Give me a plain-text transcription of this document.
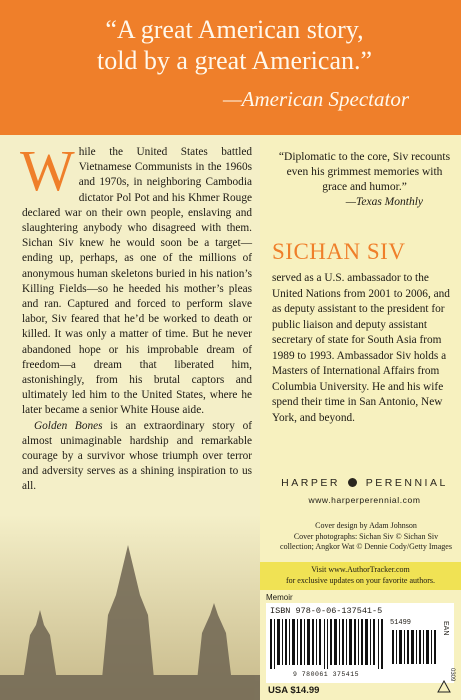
“A great American story,
told by a great American.”
—American Spectator

While the United States battled Vietnamese Communists in the 1960s and 1970s, in neighboring Cambodia dictator Pol Pot and his Khmer Rouge declared war on their own people, enslaving and slaughtering anybody who disagreed with them. Sichan Siv knew he would soon be a target—ending up, perhaps, as one of the millions of anonymous human skeletons buried in his nation’s Killing Fields—so he heeded his mother’s pleas and ran. Captured and forced to perform slave labor, Siv feared that he’d be worked to death or killed. It was only a matter of time. But he never abandoned hope or his improbable dream of freedom—a dream that liberated him, astonishingly, from his brutal captors and ultimately led him to the United States, where he later became a senior White House aide.

Golden Bones is an extraordinary story of almost unimaginable hardship and remarkable courage by a survivor whose triumph over terror and adversity serves as a shining inspiration to us all.

“Diplomatic to the core, Siv recounts even his grimmest memories with grace and humor.”
—Texas Monthly
SICHAN SIV
served as a U.S. ambassador to the United Nations from 2001 to 2006, and as deputy assistant to the president for public liaison and deputy assistant secretary of state for South Asia from 1989 to 1993. Ambassador Siv holds a Masters of International Affairs from Columbia University. He and his wife spend their time in San Antonio, New York, and beyond.
HARPER PERENNIAL
www.harperperennial.com
Cover design by Adam Johnson
Cover photographs: Sichan Siv © Sichan Siv
collection; Angkor Wat © Dennie Cody/Getty Images
Visit www.AuthorTracker.com
for exclusive updates on your favorite authors.
Memoir
ISBN 978-0-06-137541-5
51499	EAN
9 780061 375415
USA $14.99
0309
